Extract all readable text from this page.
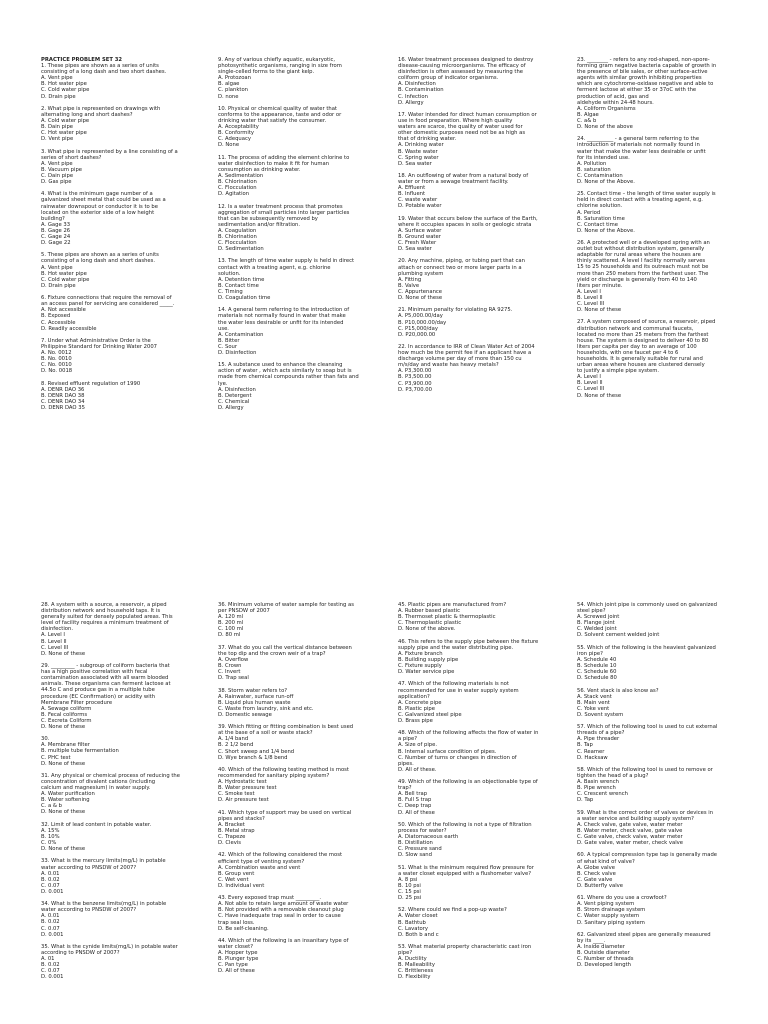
PRACTICE PROBLEM SET 32
1. These pipes are shown as a series of units
consisting of a long dash and two short dashes.
A. Vent pipe
B. Hot water pipe
C. Cold water pipe
D. Drain pipe
2. What pipe is represented on drawings with
alternating long and short dashes?
A. Cold water pipe
B. Dain pipe
C. Hot water pipe
D. Vent pipe
3. What pipe is represented by a line consisting of a
series of short dashes?
A. Vent pipe
B. Vacuum pipe
C. Dain pipe
D. Gas pipe
4. What is the minimum gage number of a
galvanized sheet metal that could be used as a
rainwater downspout or conductor it is to be
located on the exterior side of a low height
building?
A. Gage 33
B. Gage 26
C. Gage 24
D. Gage 22
5. These pipes are shown as a series of units
consisting of a long dash and short dashes.
A. Vent pipe
B. Hot water pipe
C. Cold water pipe
D. Drain pipe
6. Fixture connections that require the removal of
an access panel for servicing are considered _____.
A. Not accessible
B. Exposed
C. Accessible
D. Readily accessible
7. Under what Administrative Order is the
Philippine Standard for Drinking Water 2007
A. No. 0012
B. No. 0010
C. No. 0010
D. No. 0018
8. Revised effluent regulation of 1990
A. DENR DAO 36
B. DENR DAO 38
C. DENR DAO 34
D. DENR DAO 35
9. Any of various chiefly aquatic, eukaryotic,
photosynthetic organisms, ranging in size from
single-celled forms to the giant kelp.
A. Protozoan
B. algae
C. plankton
D. none
10. Physical or chemical quality of water that
conforms to the appearance, taste and odor or
drinking water that satisfy the consumer.
A. Acceptability
B. Conformity
C. Adequacy
D. None
11. The process of adding the element chlorine to
water disinfection to make it fit for human
consumption as drinking water.
A. Sedimentation
B. Chlorination
C. Flocculation
D. Agitation
12. Is a water treatment process that promotes
aggregation of small particles into larger particles
that can be subsequently removed by
sedimentation and/or filtration.
A. Coagulation
B. Chlorination
C. Flocculation
D. Sedimentation
13. The length of time water supply is held in direct
contact with a treating agent, e.g. chlorine
solution.
A. Detention time
B. Contact time
C. Timing
D. Coagulation time
14. A general term referring to the introduction of
materials not normally found in water that make
the water less desirable or unfit for its intended
use.
A. Contamination
B. Bitter
C. Sour
D. Disinfection
15. A substance used to enhance the cleansing
action of water , which acts similarly to soap but is
made from chemical compounds rather than fats and
lye.
A. Disinfection
B. Detergent
C. Chemical
D. Allergy
16. Water treatment processes designed to destroy
disease-causing microorganisms. The efficacy of
disinfection is often assessed by measuring the
coliform group of indicator organisms.
A. Disinfection
B. Contamination
C. Infection
D. Allergy
17. Water intended for direct human consumption or
use in food preparation. Where high quality
waters are scarce, the quality of water used for
other domestic purposes need not be as high as
that of drinking water.
A. Drinking water
B. Waste water
C. Spring water
D. Sea water
18. An outflowing of water from a natural body of
water or from a sewage treatment facility.
A. Effluent
B. Influent
C. waste water
D. Potable water
19. Water that occurs below the surface of the Earth,
where it occupies spaces in soils or geologic strata
A. Surface water
B. Ground water
C. Fresh Water
D. Sea water
20. Any machine, piping, or tubing part that can
attach or connect two or more larger parts in a
plumbing system
A. Fitting
B. Valve
C. Appurtenance
D. None of these
21. Minimum penalty for violating RA 9275.
A. P5,000.00/day
B. P10,000.00/day
C. P15,000/day
D. P20,000.00
22. In accordance to IRR of Clean Water Act of 2004
how much be the permit fee if an applicant have a
discharge volume per day of more than 150 cu
m/s/day and waste has heavy metals?
A. P3,300.00
B. P3,500.00
C. P3,900.00
D. P3,700.00
23. ________ - refers to any rod-shaped, non-spore-
forming gram negative bacteria capable of growth in
the presence of bile sales, or other surface-active
agents with similar growth inhibiting properties
which are cytochrome-oxidase negative and able to
ferment lactose at either 35 or 37oC with the
production of acid, gas and
aldehyde within 24-48 hours.
A. Coliform Organisms
B. Algae
C. a& b
D. None of the above
24. __________ - a general term referring to the
introduction of materials not normally found in
water that make the water less desirable or unfit
for its intended use.
A. Pollution
B. saturation
C. Contamination
D. None of the Above.
25. Contact time – the length of time water supply is
held in direct contact with a treating agent, e.g.
chlorine solution.
A. Period
B. Saturation time
C. Contact time
D. None of the Above.
26. A protected well or a developed spring with an
outlet but without distribution system, generally
adaptable for rural areas where the houses are
thinly scattered. A level I facility normally serves
15 to 25 households and its outreach must not be
more than 250 meters from the farthest user. The
yield or discharge is generally from 40 to 140
liters per minute.
A. Level I
B. Level II
C. Level III
D. None of these
27. A system composed of source, a reservoir, piped
distribution network and communal faucets,
located no more than 25 meters from the farthest
house. The system is designed to deliver 40 to 80
liters per capita per day to an average of 100
households, with one faucet per 4 to 6
households. It is generally suitable for rural and
urban areas where houses are clustered densely
to justify a simple pipe system.
A. Level I
B. Level II
C. Level III
D. None of these
28. A system with a source, a reservoir, a piped
distribution network and household taps. It is
generally suited for densely populated areas. This
level of facility requires a minimum treatment of
disinfection.
A. Level I
B. Level II
C. Level III
D. None of these
29. _________ - subgroup of coliform bacteria that
has a high positive correlation with fecal
contamination associated with all warm blooded
animals. These organisms can ferment lactose at
44.5o C and produce gas in a multiple tube
procedure (EC Confirmation) or acidity with
Membrane Filter procedure
A. Sewage coliform
B. Fecal coliforms
C. Excreta Coliform
D. None of these
30.
A. Membrane filter
B. multiple tube fermentation
C. PHC test
D. None of these
31. Any physical or chemical process of reducing the
concentration of divalent cations (including
calcium and magnesium) in water supply.
A. Water purification
B. Water softening
C. a & b
D. None of these
32. Limit of lead content in potable water.
A. 15%
B. 10%
C. 0%
D. None of these
33. What is the mercury limits(mg/L) in potable
water according to PNSDW of 2007?
A. 0.01
B. 0.02
C. 0.07
D. 0.001
34. What is the benzene limits(mg/L) in potable
water according to PNSDW of 2007?
A. 0.01
B. 0.02
C. 0.07
D. 0.001
35. What is the cynide limits(mg/L) in potable water
according to PNSDW of 2007?
A. 01
B. 0.02
C. 0.07
D. 0.001
36. Minimum volume of water sample for testing as
per PNSDW of 2007
A. 120 ml
B. 200 ml
C. 100 ml
D. 80 ml
37. What do you call the vertical distance between
the top dip and the crown weir of a trap?
A. Overflow
B. Crown
C. Invert
D. Trap seal
38. Storm water refers to?
A. Rainwater, surface run-off
B. Liquid plus human waste
C. Waste from laundry, sink and etc.
D. Domestic sewage
39. Which fitting or fitting combination is best used
at the base of a soil or waste stack?
A. 1/4 band
B. 2 1/2 bend
C. Short sweep and 1/4 bend
D. Wye branch & 1/8 bend
40. Which of the following testing method is most
recommended for sanitary piping system?
A. Hydrostatic test
B. Water pressure test
C. Smoke test
D. Air pressure test
41. Which type of support may be used on vertical
pipes and stacks?
A. Bracket
B. Metal strap
C. Trapeze
D. Clevis
42. Which of the following considered the most
efficient type of venting system?
A. Combination waste and vent
B. Group vent
C. Wet vent
D. Individual vent
43. Every exposed trap must _________.
A. Not able to retain large amount of waste water
B. Not provided with a removable cleanout plug
C. Have inadequate trap seal in order to cause
trap seal loss.
D. Be self-cleaning.
44. Which of the following is an insanitary type of
water closet?
A. Hopper type
B. Plunger type
C. Pan type
D. All of these
45. Plastic pipes are manufactured from?
A. Rubber based plastic
B. Thermoset plastic & thermoplastic
C. Thermoplastic plastic
D. None of the above.
46. This refers to the supply pipe between the fixture
supply pipe and the water distributing pipe.
A. Fixture branch
B. Building supply pipe
C. Fixture supply
D. Water service pipe
47. Which of the following materials is not
recommended for use in water supply system
application?
A. Concrete pipe
B. Plastic pipe
C. Galvanized steel pipe
D. Brass pipe
48. Which of the following affects the flow of water in
a pipe?
A. Size of pipe.
B. Internal surface condition of pipes.
C. Number of turns or changes in direction of
pipes.
D. All of these.
49. Which of the following is an objectionable type of
trap?
A. Bell trap
B. Full S trap
C. Deep trap
D. All of these
50. Which of the following is not a type of filtration
process for water?
A. Diatomaceous earth
B. Distillation
C. Pressure sand
D. Slow sand
51. What is the minimum required flow pressure for
a water closet equipped with a flushometer valve?
A. 8 psi
B. 10 psi
C. 15 psi
D. 25 psi
52. Where could we find a pop-up waste?
A. Water closet
B. Bathtub
C. Lavatory
D. Both b and c
53. What material property characteristic cast iron
pipe?
A. Ductility
B. Malleability
C. Brittleness
D. Flexibility
54. Which joint pipe is commonly used on galvanized
steel pipe?
A. Screwed joint
B. Flange joint
C. Welded joint
D. Solvent cement welded joint
55. Which of the following is the heaviest galvanized
iron pipe?
A. Schedule 40
B. Schedule 10
C. Schedule 60
D. Schedule 80
56. Vent stack is also know as?
A. Stack vent
B. Main vent
C. Yoke vent
D. Sovent system
57. Which of the following tool is used to cut external
threads of a pipe?
A. Pipe threader
B. Tap
C. Reamer
D. Hacksaw
58. Which of the following tool is used to remove or
tighten the head of a plug?
A. Basin wrench
B. Pipe wrench
C. Crescent wrench
D. Tap
59. What is the correct order of valves or devices in
a water service and building supply system?
A. Check valve, gate valve, water meter
B. Water meter, check valve, gate valve
C. Gate valve, check valve, water meter
D. Gate valve, water meter, check valve
60. A typical compression type tap is generally made
of what kind of valve?
A. Globe valve
B. Check valve
C. Gate valve
D. Butterfly valve
61. Where do you use a crowfoot?
A. Vent piping system
B. Strom drainage system
C. Water supply system
D. Sanitary piping system
62. Galvanized steel pipes are generally measured
by its ____.
A. Inside diameter
B. Outside diameter
C. Number of threads
D. Developed length
